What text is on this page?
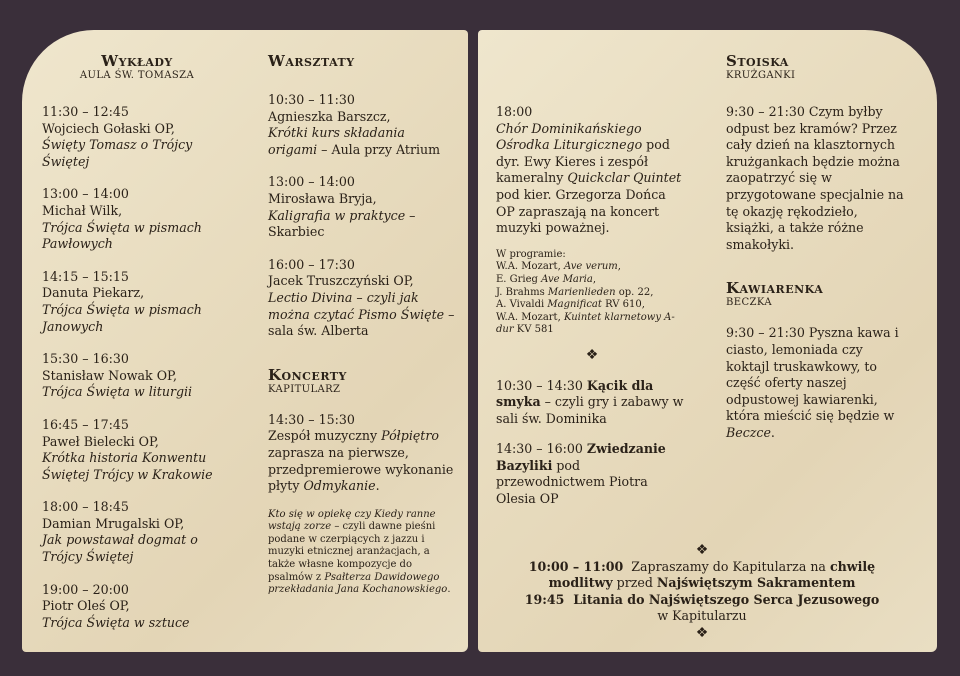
Wykłady
AULA ŚW. TOMASZA
11:30 – 12:45
Wojciech Gołaski OP,
Święty Tomasz o Trójcy Świętej
13:00 – 14:00
Michał Wilk,
Trójca Święta w pismach Pawłowych
14:15 – 15:15
Danuta Piekarz,
Trójca Święta w pismach Janowych
15:30 – 16:30
Stanisław Nowak OP,
Trójca Święta w liturgii
16:45 – 17:45
Paweł Bielecki OP,
Krótka historia Konwentu Świętej Trójcy w Krakowie
18:00 – 18:45
Damian Mrugalski OP,
Jak powstawał dogmat o Trójcy Świętej
19:00 – 20:00
Piotr Oleś OP,
Trójca Święta w sztuce
Warsztaty
10:30 – 11:30
Agnieszka Barszcz,
Krótki kurs składania origami – Aula przy Atrium
13:00 – 14:00
Mirosława Bryja,
Kaligrafia w praktyce – Skarbiec
16:00 – 17:30
Jacek Truszczyński OP,
Lectio Divina – czyli jak można czytać Pismo Święte – sala św. Alberta
Koncerty
KAPITULARZ
14:30 – 15:30
Zespół muzyczny Półpiętro zaprasza na pierwsze, przedpremierowe wykonanie płyty Odmykanie.
Kto się w opiekę czy Kiedy ranne wstają zorze – czyli dawne pieśni podane w czerpiących z jazzu i muzyki etnicznej aranżacjach, a także własne kompozycje do psalmów z Psałterza Dawidowego przekładania Jana Kochanowskiego.
18:00
Chór Dominikańskiego Ośrodka Liturgicznego pod dyr. Ewy Kieres i zespół kameralny Quickclar Quintet pod kier. Grzegorza Dońca OP zapraszają na koncert muzyki poważnej.
W programie:
W.A. Mozart, Ave verum,
E. Grieg Ave Maria,
J. Brahms Marienlieden op. 22,
A. Vivaldi Magnificat RV 610,
W.A. Mozart, Kuintet klarnetowy A-dur KV 581
❖
10:30 – 14:30 Kącik dla smyka – czyli gry i zabawy w sali św. Dominika
14:30 – 16:00 Zwiedzanie Bazyliki pod przewodnictwem Piotra Olesia OP
Stoiska
KRUŻGANKI
9:30 – 21:30 Czym byłby odpust bez kramów? Przez cały dzień na klasztornych krużgankach będzie można zaopatrzyć się w przygotowane specjalnie na tę okazję rękodzieło, książki, a także różne smakołyki.
Kawiarenka
BECZKA
9:30 – 21:30 Pyszna kawa i ciasto, lemoniada czy koktajl truskawkowy, to część oferty naszej odpustowej kawiarenki, która mieścić się będzie w Beczce.
❖
10:00 – 11:00 Zapraszamy do Kapitularza na chwilę modlitwy przed Najświętszym Sakramentem
19:45 Litania do Najświętszego Serca Jezusowego
w Kapitularzu
❖
